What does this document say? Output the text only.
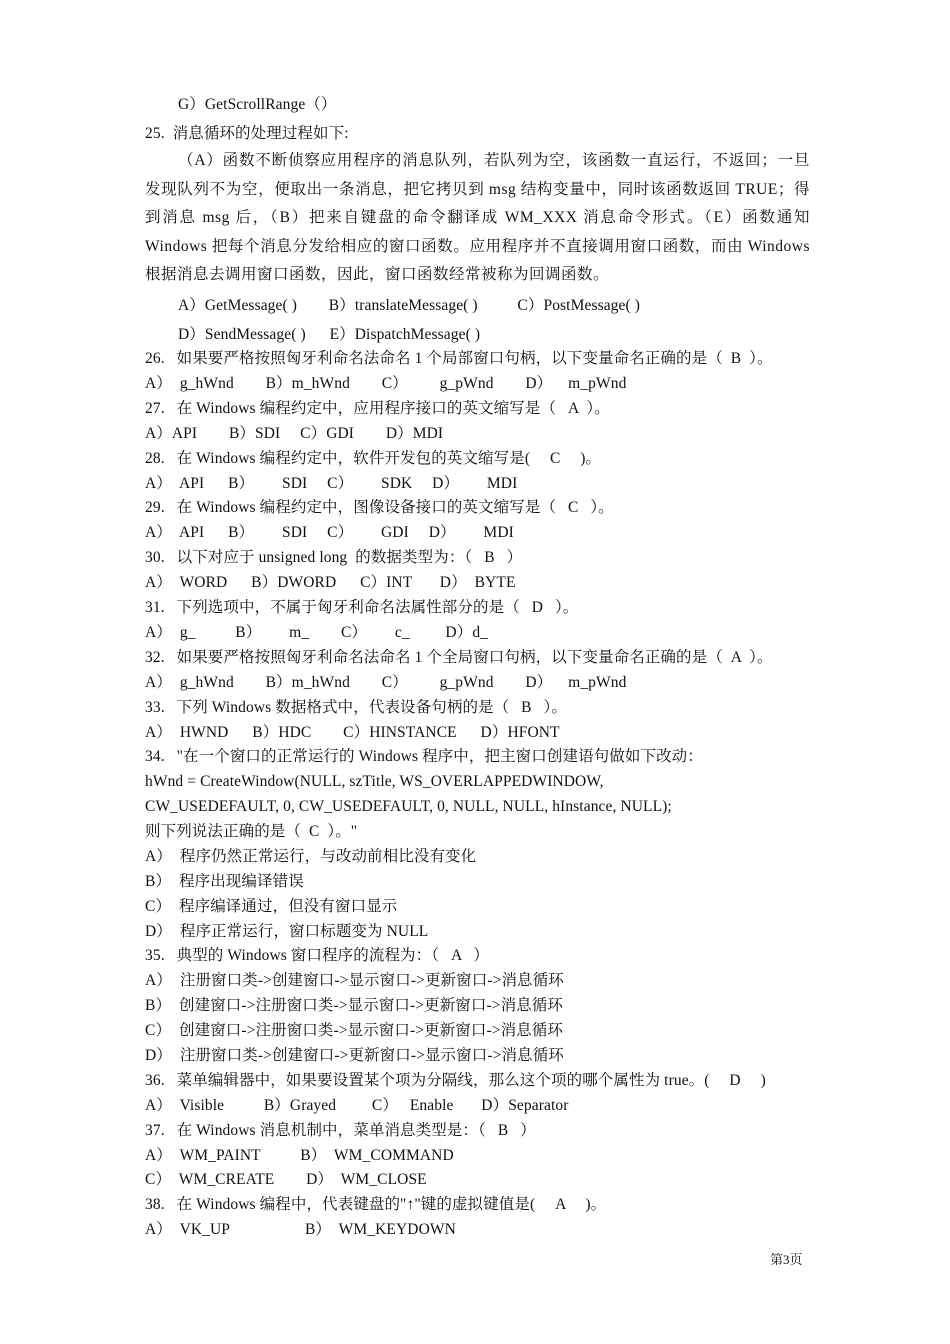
G）GetScrollRange（）
25.  消息循环的处理过程如下:
（A）函数不断侦察应用程序的消息队列，若队列为空，该函数一直运行，不返回；一旦发现队列不为空，便取出一条消息，把它拷贝到 msg 结构变量中，同时该函数返回 TRUE；得到消息 msg 后，（B）把来自键盘的命令翻译成 WM_XXX 消息命令形式。（E）函数通知 Windows 把每个消息分发给相应的窗口函数。应用程序并不直接调用窗口函数，而由 Windows 根据消息去调用窗口函数，因此，窗口函数经常被称为回调函数。
A）GetMessage( )        B）translateMessage( )          C）PostMessage( )
D）SendMessage( )      E）DispatchMessage( )
26.   如果要严格按照匈牙利命名法命名 1 个局部窗口句柄，以下变量命名正确的是（  B  ）。
A）  g_hWnd        B）m_hWnd        C）        g_pWnd        D）    m_pWnd
27.   在 Windows 编程约定中，应用程序接口的英文缩写是（   A  ）。
A）API        B）SDI     C）GDI        D）MDI
28.   在 Windows 编程约定中，软件开发包的英文缩写是(     C     )。
A）  API      B）       SDI     C）       SDK     D）       MDI
29.   在 Windows 编程约定中，图像设备接口的英文缩写是（   C   ）。
A）  API      B）       SDI     C）       GDI     D）       MDI
30.   以下对应于 unsigned long  的数据类型为：（   B   ）
A）  WORD      B）DWORD      C）INT       D）  BYTE
31.   下列选项中，不属于匈牙利命名法属性部分的是（   D   ）。
A）  g_          B）       m_        C）       c_         D）d_
32.   如果要严格按照匈牙利命名法命名 1 个全局窗口句柄，以下变量命名正确的是（  A  ）。
A）  g_hWnd        B）m_hWnd        C）        g_pWnd        D）    m_pWnd
33.   下列 Windows 数据格式中，代表设备句柄的是（   B   ）。
A）  HWND      B）HDC        C）HINSTANCE      D）HFONT
34.   "在一个窗口的正常运行的 Windows 程序中，把主窗口创建语句做如下改动：
hWnd = CreateWindow(NULL, szTitle, WS_OVERLAPPEDWINDOW,
CW_USEDEFAULT, 0, CW_USEDEFAULT, 0, NULL, NULL, hInstance, NULL);
则下列说法正确的是（  C  ）。"
A）  程序仍然正常运行，与改动前相比没有变化
B）  程序出现编译错误
C）  程序编译通过，但没有窗口显示
D）  程序正常运行，窗口标题变为 NULL
35.   典型的 Windows 窗口程序的流程为：（   A   ）
A）  注册窗口类->创建窗口->显示窗口->更新窗口->消息循环
B）  创建窗口->注册窗口类->显示窗口->更新窗口->消息循环
C）  创建窗口->注册窗口类->显示窗口->更新窗口->消息循环
D）  注册窗口类->创建窗口->更新窗口->显示窗口->消息循环
36.   菜单编辑器中，如果要设置某个项为分隔线，那么这个项的哪个属性为 true。(     D     )
A）  Visible          B）Grayed         C）   Enable       D）Separator
37.   在 Windows 消息机制中，菜单消息类型是：（   B   ）
A）  WM_PAINT          B）  WM_COMMAND
C）  WM_CREATE        D）  WM_CLOSE
38.   在 Windows 编程中，代表键盘的"↑"键的虚拟键值是(     A     )。
A）  VK_UP                   B）  WM_KEYDOWN
第3页
